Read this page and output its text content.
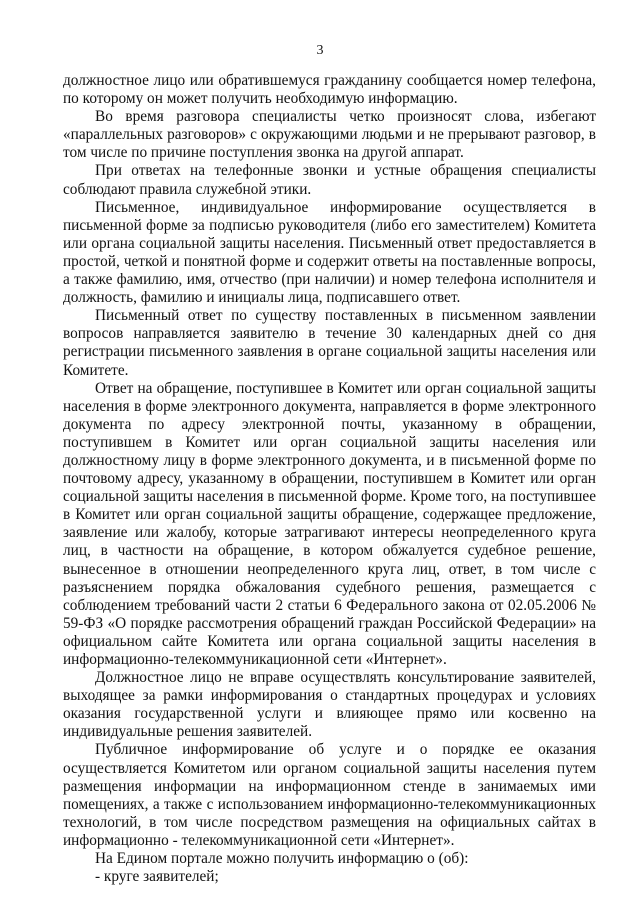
3

должностное лицо или обратившемуся гражданину сообщается номер телефона, по которому он может получить необходимую информацию.

Во время разговора специалисты четко произносят слова, избегают «параллельных разговоров» с окружающими людьми и не прерывают разговор, в том числе по причине поступления звонка на другой аппарат.

При ответах на телефонные звонки и устные обращения специалисты соблюдают правила служебной этики.

Письменное, индивидуальное информирование осуществляется в письменной форме за подписью руководителя (либо его заместителем) Комитета или органа социальной защиты населения. Письменный ответ предоставляется в простой, четкой и понятной форме и содержит ответы на поставленные вопросы, а также фамилию, имя, отчество (при наличии) и номер телефона исполнителя и должность, фамилию и инициалы лица, подписавшего ответ.

Письменный ответ по существу поставленных в письменном заявлении вопросов направляется заявителю в течение 30 календарных дней со дня регистрации письменного заявления в органе социальной защиты населения или Комитете.

Ответ на обращение, поступившее в Комитет или орган социальной защиты населения в форме электронного документа, направляется в форме электронного документа по адресу электронной почты, указанному в обращении, поступившем в Комитет или орган социальной защиты населения или должностному лицу в форме электронного документа, и в письменной форме по почтовому адресу, указанному в обращении, поступившем в Комитет или орган социальной защиты населения в письменной форме. Кроме того, на поступившее в Комитет или орган социальной защиты обращение, содержащее предложение, заявление или жалобу, которые затрагивают интересы неопределенного круга лиц, в частности на обращение, в котором обжалуется судебное решение, вынесенное в отношении неопределенного круга лиц, ответ, в том числе с разъяснением порядка обжалования судебного решения, размещается с соблюдением требований части 2 статьи 6 Федерального закона от 02.05.2006 № 59-ФЗ «О порядке рассмотрения обращений граждан Российской Федерации» на официальном сайте Комитета или органа социальной защиты населения в информационно-телекоммуникационной сети «Интернет».

Должностное лицо не вправе осуществлять консультирование заявителей, выходящее за рамки информирования о стандартных процедурах и условиях оказания государственной услуги и влияющее прямо или косвенно на индивидуальные решения заявителей.

Публичное информирование об услуге и о порядке ее оказания осуществляется Комитетом или органом социальной защиты населения путем размещения информации на информационном стенде в занимаемых ими помещениях, а также с использованием информационно-телекоммуникационных технологий, в том числе посредством размещения на официальных сайтах в информационно - телекоммуникационной сети «Интернет».

На Едином портале можно получить информацию о (об):

- круге заявителей;
